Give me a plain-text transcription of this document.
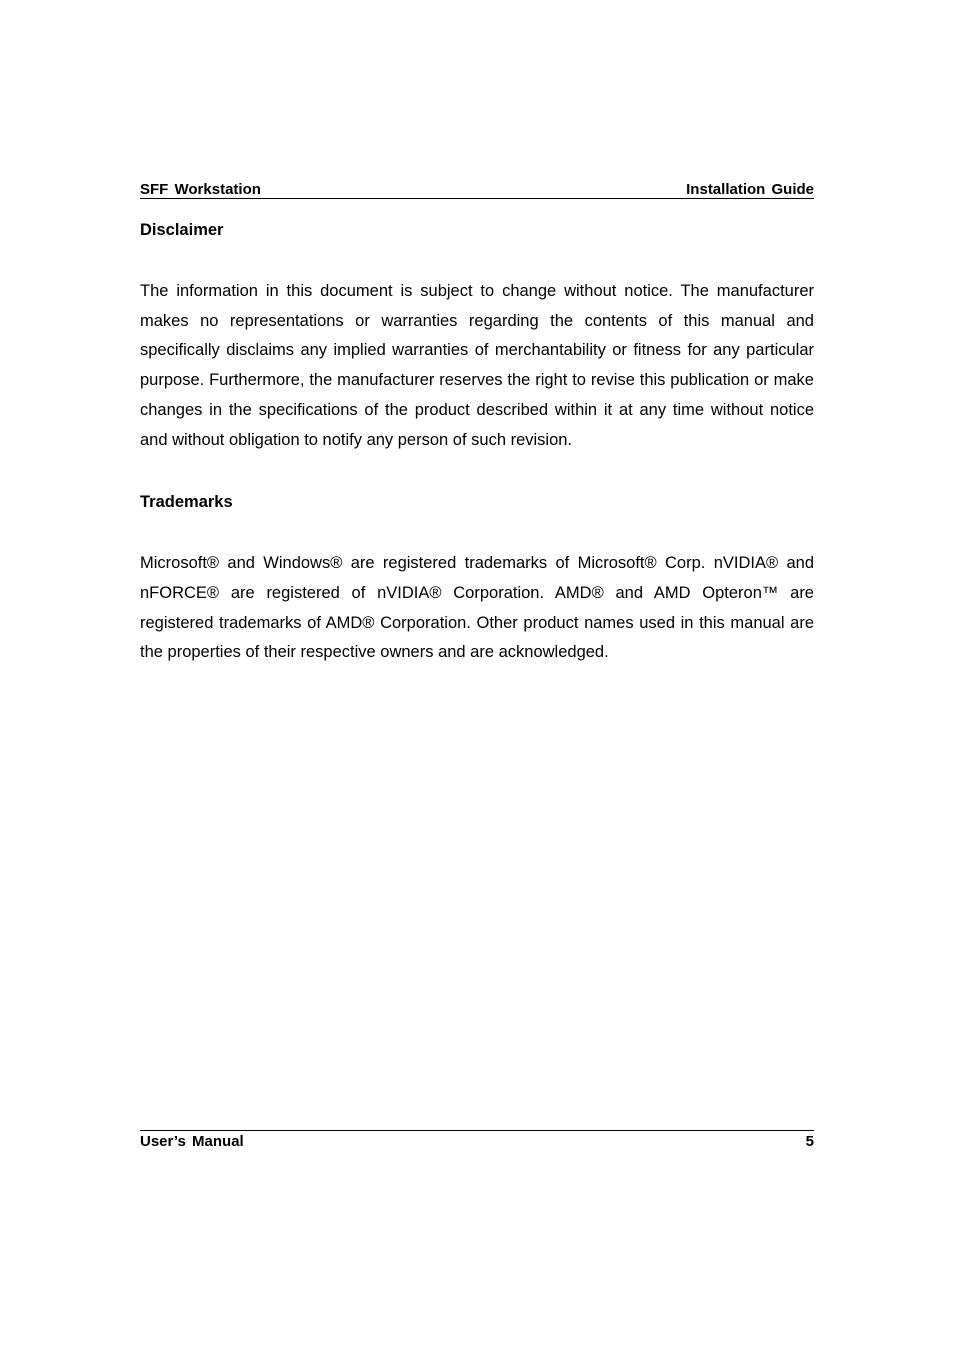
SFF Workstation	Installation Guide
Disclaimer

The information in this document is subject to change without notice. The manufacturer makes no representations or warranties regarding the contents of this manual and specifically disclaims any implied warranties of merchantability or fitness for any particular purpose. Furthermore, the manufacturer reserves the right to revise this publication or make changes in the specifications of the product described within it at any time without notice and without obligation to notify any person of such revision.

Trademarks

Microsoft® and Windows® are registered trademarks of Microsoft® Corp. nVIDIA® and nFORCE® are registered of nVIDIA® Corporation. AMD® and AMD Opteron™ are registered trademarks of AMD® Corporation. Other product names used in this manual are the properties of their respective owners and are acknowledged.

User’s Manual	5
